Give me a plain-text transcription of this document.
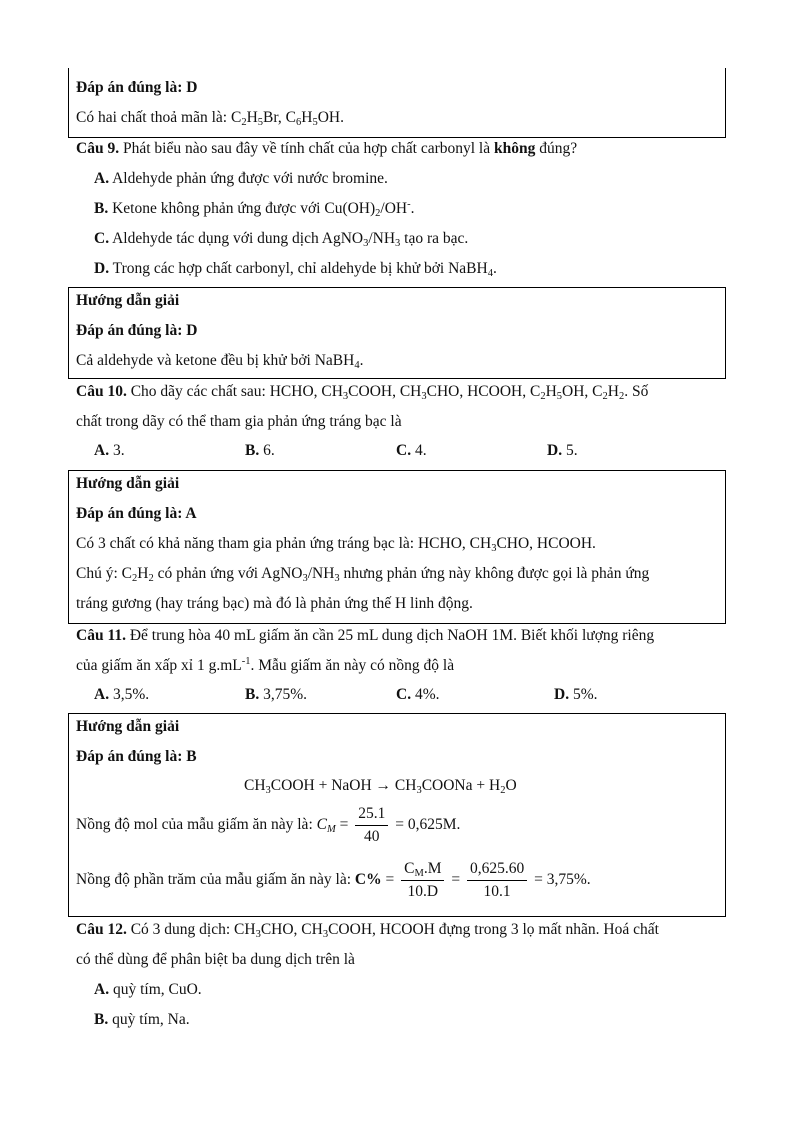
Đáp án đúng là: D
Có hai chất thoả mãn là: $C_2H_5Br$, $C_6H_5OH$.
Câu 9. Phát biểu nào sau đây về tính chất của hợp chất carbonyl là không đúng?
A. Aldehyde phản ứng được với nước bromine.
B. Ketone không phản ứng được với $Cu(OH)_2/OH^-$.
C. Aldehyde tác dụng với dung dịch $AgNO_3/NH_3$ tạo ra bạc.
D. Trong các hợp chất carbonyl, chỉ aldehyde bị khử bởi NaBH$_4$.
Hướng dẫn giải
Đáp án đúng là: D
Cả aldehyde và ketone đều bị khử bởi NaBH$_4$.
Câu 10. Cho dãy các chất sau: HCHO, $CH_3COOH$, $CH_3CHO$, HCOOH, $C_2H_5OH$, $C_2H_2$. Số
chất trong dãy có thể tham gia phản ứng tráng bạc là
A. 3.	B. 6.	C. 4.	D. 5.
Hướng dẫn giải
Đáp án đúng là: A
Có 3 chất có khả năng tham gia phản ứng tráng bạc là: HCHO, $CH_3CHO$, HCOOH.
Chú ý: $C_2H_2$ có phản ứng với $AgNO_3/NH_3$ nhưng phản ứng này không được gọi là phản ứng
tráng gương (hay tráng bạc) mà đó là phản ứng thế H linh động.
Câu 11. Để trung hòa 40 mL giấm ăn cần 25 mL dung dịch NaOH 1M. Biết khối lượng riêng
của giấm ăn xấp xỉ 1 $g.mL^{-1}$. Mẫu giấm ăn này có nồng độ là
A. 3,5%.	B. 3,75%.	C. 4%.	D. 5%.
Hướng dẫn giải
Đáp án đúng là: B
$CH_3COOH$ + NaOH → $CH_3COONa + H_2O$
Nồng độ mol của mẫu giấm ăn này là: $C_M = \frac{25.1}{40} = 0,625M$.
Nồng độ phần trăm của mẫu giấm ăn này là: $C\% = \frac{C_M.M}{10.D} = \frac{0,625.60}{10.1} = 3,75\%$.
Câu 12. Có 3 dung dịch: $CH_3CHO$, $CH_3COOH$, HCOOH đựng trong 3 lọ mất nhãn. Hoá chất
có thể dùng để phân biệt ba dung dịch trên là
A. quỳ tím, CuO.
B. quỳ tím, Na.
